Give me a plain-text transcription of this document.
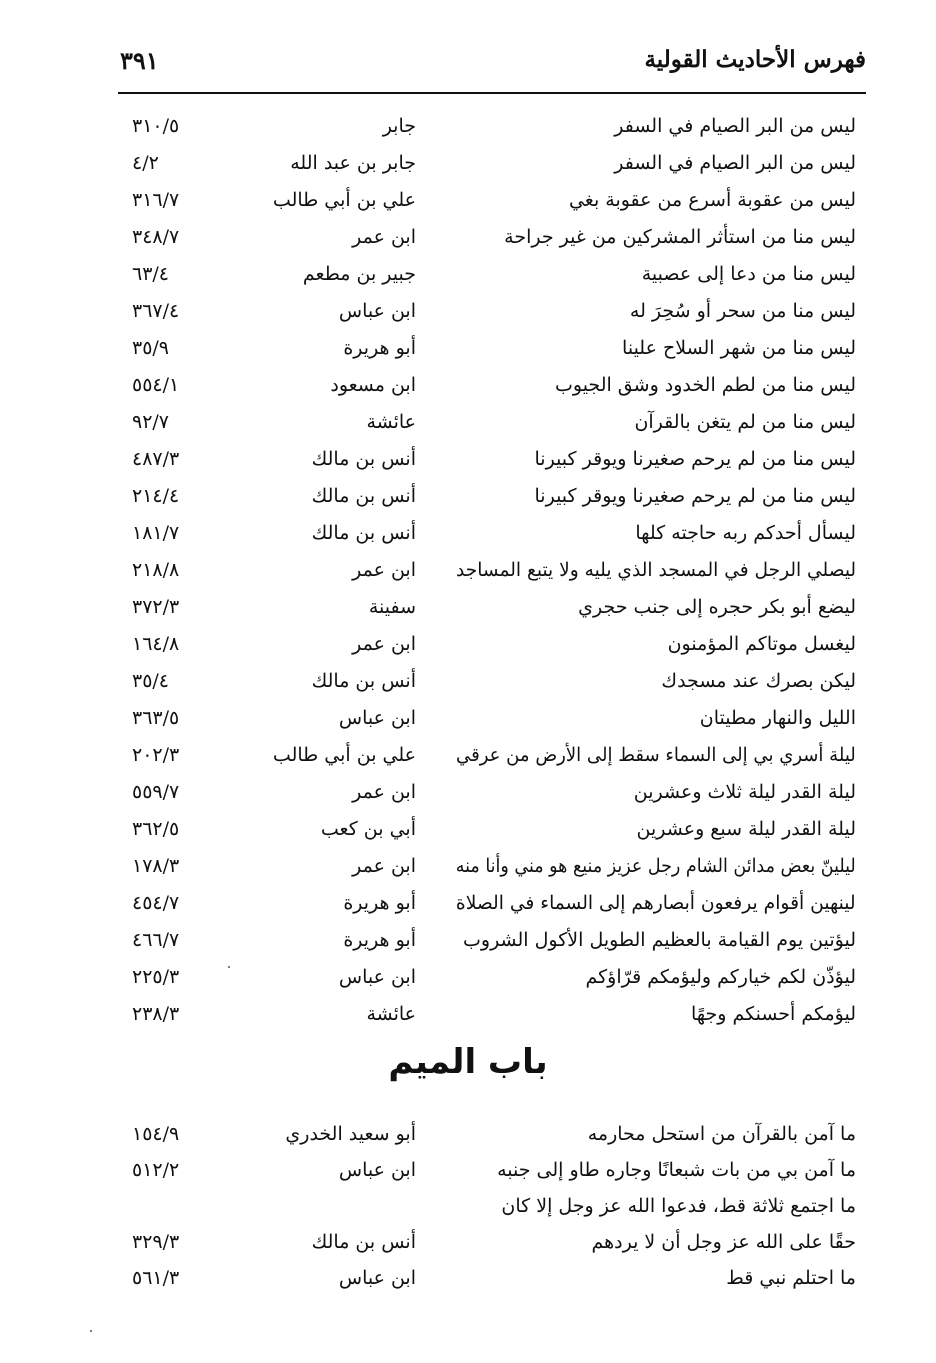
فهرس الأحاديث القولية
٣٩١
ليس من البر الصيام في السفر
جابر
٣١٠/٥
ليس من البر الصيام في السفر
جابر بن عبد الله
٤/٢
ليس من عقوبة أسرع من عقوبة بغي
علي بن أبي طالب
٣١٦/٧
ليس منا من استأثر المشركين من غير جراحة
ابن عمر
٣٤٨/٧
ليس منا من دعا إلى عصبية
جبير بن مطعم
٦٣/٤
ليس منا من سحر أو سُحِرَ له
ابن عباس
٣٦٧/٤
ليس منا من شهر السلاح علينا
أبو هريرة
٣٥/٩
ليس منا من لطم الخدود وشق الجيوب
ابن مسعود
٥٥٤/١
ليس منا من لم يتغن بالقرآن
عائشة
٩٢/٧
ليس منا من لم يرحم صغيرنا ويوقر كبيرنا
أنس بن مالك
٤٨٧/٣
ليس منا من لم يرحم صغيرنا ويوقر كبيرنا
أنس بن مالك
٢١٤/٤
ليسأل أحدكم ربه حاجته كلها
أنس بن مالك
١٨١/٧
ليصلي الرجل في المسجد الذي يليه ولا يتبع المساجد
ابن عمر
٢١٨/٨
ليضع أبو بكر حجره إلى جنب حجري
سفينة
٣٧٢/٣
ليغسل موتاكم المؤمنون
ابن عمر
١٦٤/٨
ليكن بصرك عند مسجدك
أنس بن مالك
٣٥/٤
الليل والنهار مطيتان
ابن عباس
٣٦٣/٥
ليلة أسري بي إلى السماء سقط إلى الأرض من عرقي
علي بن أبي طالب
٢٠٢/٣
ليلة القدر ليلة ثلاث وعشرين
ابن عمر
٥٥٩/٧
ليلة القدر ليلة سبع وعشرين
أبي بن كعب
٣٦٢/٥
ليلينّ بعض مدائن الشام رجل عزيز منيع هو مني وأنا منه
ابن عمر
١٧٨/٣
لينهين أقوام يرفعون أبصارهم إلى السماء في الصلاة
أبو هريرة
٤٥٤/٧
ليؤتين يوم القيامة بالعظيم الطويل الأكول الشروب
أبو هريرة
٤٦٦/٧
ليؤذّن لكم خياركم وليؤمكم قرّاؤكم
ابن عباس
٢٢٥/٣
ليؤمكم أحسنكم وجهًا
عائشة
٢٣٨/٣
باب الميم
ما آمن بالقرآن من استحل محارمه
أبو سعيد الخدري
١٥٤/٩
ما آمن بي من بات شبعانًا وجاره طاو إلى جنبه
ابن عباس
٥١٢/٢
ما اجتمع ثلاثة قط، فدعوا الله عز وجل إلا كان
حقًا على الله عز وجل أن لا يردهم
أنس بن مالك
٣٢٩/٣
ما احتلم نبي قط
ابن عباس
٥٦١/٣
